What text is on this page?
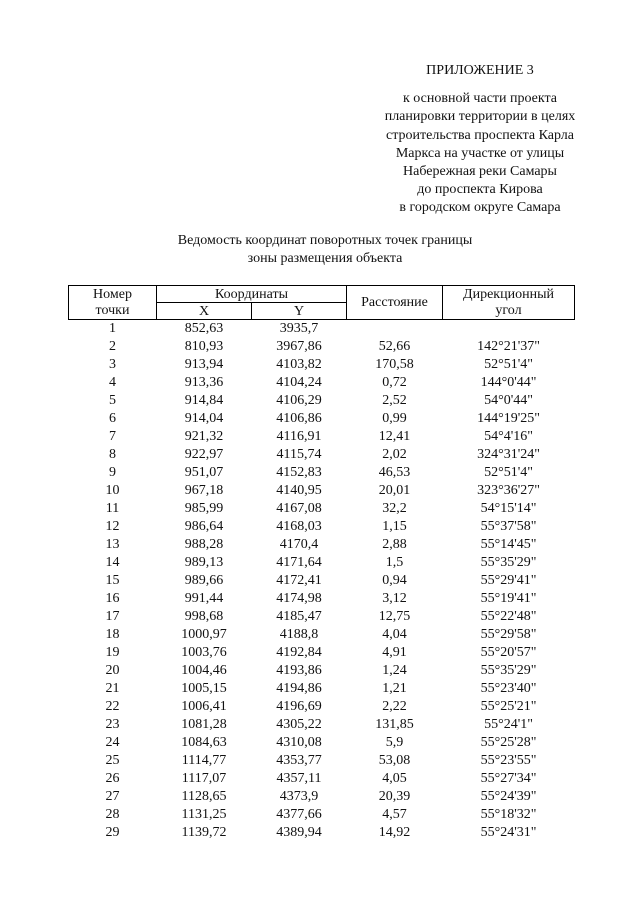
ПРИЛОЖЕНИЕ 3
к основной части проекта
планировки территории в целях
строительства проспекта Карла
Маркса на участке от улицы
Набережная реки Самары
до проспекта Кирова
в городском округе Самара
Ведомость координат поворотных точек границы
зоны размещения объекта
Номер	Координаты		Расстояние	Дирекционный
точки	X	Y		угол
1	852,63	3935,7		
2	810,93	3967,86	52,66	142°21'37"
3	913,94	4103,82	170,58	52°51'4"
4	913,36	4104,24	0,72	144°0'44"
5	914,84	4106,29	2,52	54°0'44"
6	914,04	4106,86	0,99	144°19'25"
7	921,32	4116,91	12,41	54°4'16"
8	922,97	4115,74	2,02	324°31'24"
9	951,07	4152,83	46,53	52°51'4"
10	967,18	4140,95	20,01	323°36'27"
11	985,99	4167,08	32,2	54°15'14"
12	986,64	4168,03	1,15	55°37'58"
13	988,28	4170,4	2,88	55°14'45"
14	989,13	4171,64	1,5	55°35'29"
15	989,66	4172,41	0,94	55°29'41"
16	991,44	4174,98	3,12	55°19'41"
17	998,68	4185,47	12,75	55°22'48"
18	1000,97	4188,8	4,04	55°29'58"
19	1003,76	4192,84	4,91	55°20'57"
20	1004,46	4193,86	1,24	55°35'29"
21	1005,15	4194,86	1,21	55°23'40"
22	1006,41	4196,69	2,22	55°25'21"
23	1081,28	4305,22	131,85	55°24'1"
24	1084,63	4310,08	5,9	55°25'28"
25	1114,77	4353,77	53,08	55°23'55"
26	1117,07	4357,11	4,05	55°27'34"
27	1128,65	4373,9	20,39	55°24'39"
28	1131,25	4377,66	4,57	55°18'32"
29	1139,72	4389,94	14,92	55°24'31"
